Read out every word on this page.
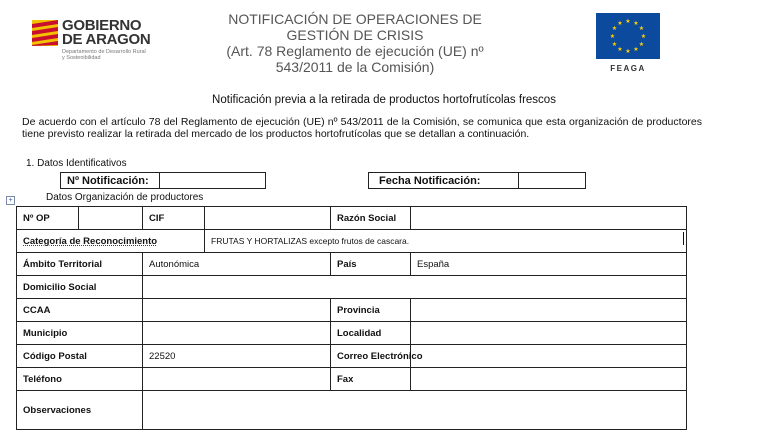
GOBIERNO
DE ARAGON
Departamento de Desarrollo Rural
y Sostenibilidad
NOTIFICACIÓN DE OPERACIONES DE
GESTIÓN DE CRISIS
(Art. 78 Reglamento de ejecución (UE) nº
543/2011 de la Comisión)
★ ★
★
★
★
★
★
★
★
★
★
★
FEAGA
Notificación previa a la retirada de productos hortofrutícolas frescos
De acuerdo con el artículo 78 del Reglamento de ejecución (UE) nº 543/2011 de la Comisión, se comunica que esta organización de productores tiene previsto realizar la retirada del mercado de los productos hortofrutícolas que se detallan a continuación.
1. Datos Identificativos
Nº Notificación:	Fecha Notificación:
+	Datos Organización de productores
Nº OP		CIF		Razón Social	
Categoría de Reconocimiento			FRUTAS Y HORTALIZAS excepto frutos de cascara.		
Ámbito Territorial		Autonómica		País	España
Domicilio Social					
CCAA				Provincia	
Municipio				Localidad	
Código Postal		22520		Correo Electrónico	
Teléfono				Fax	
Observaciones					
